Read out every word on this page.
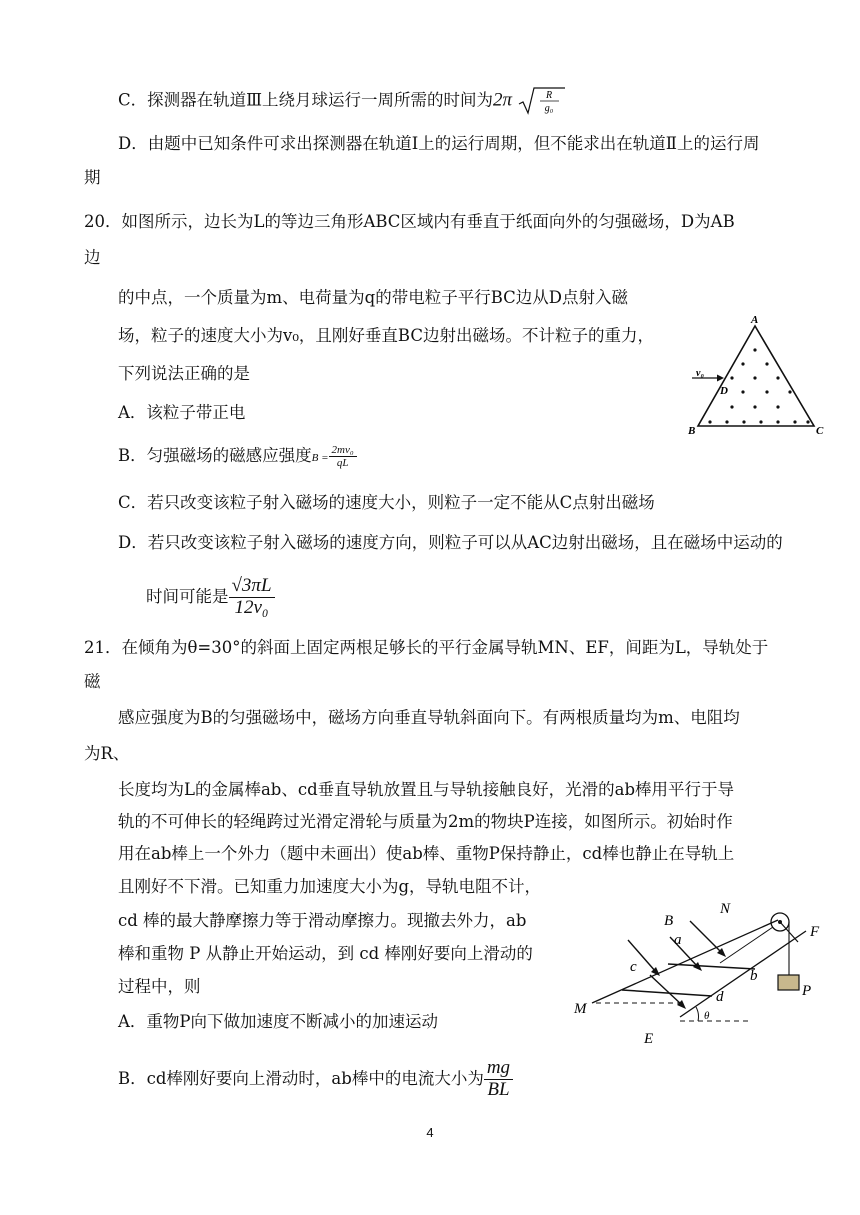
C．探测器在轨道Ⅲ上绕月球运行一周所需的时间为2π	R
g₀
D．由题中已知条件可求出探测器在轨道Ⅰ上的运行周期，但不能求出在轨道Ⅱ上的运行周
期
20．如图所示，边长为L的等边三角形ABC区域内有垂直于纸面向外的匀强磁场，D为AB
边
的中点，一个质量为m、电荷量为q的带电粒子平行BC边从D点射入磁
场，粒子的速度大小为v₀，且刚好垂直BC边射出磁场。不计粒子的重力，
下列说法正确的是
A．该粒子带正电
B．匀强磁场的磁感应强度$B = \frac{\text{2mv₀}}{qL}$
C．若只改变该粒子射入磁场的速度大小，则粒子一定不能从C点射出磁场
D．若只改变该粒子射入磁场的速度方向，则粒子可以从AC边射出磁场，且在磁场中运动的
时间可能是 $\frac{√3\pi L}{\text{12v₀}}$
A
B	C
D
v₀
21．在倾角为θ=30°的斜面上固定两根足够长的平行金属导轨MN、EF，间距为L，导轨处于
磁
感应强度为B的匀强磁场中，磁场方向垂直导轨斜面向下。有两根质量均为m、电阻均
为R、
长度均为L的金属棒ab、cd垂直导轨放置且与导轨接触良好，光滑的ab棒用平行于导
轨的不可伸长的轻绳跨过光滑定滑轮与质量为2m的物块P连接，如图所示。初始时作
用在ab棒上一个外力（题中未画出）使ab棒、重物P保持静止，cd棒也静止在导轨上
且刚好不下滑。已知重力加速度大小为g，导轨电阻不计，
cd 棒的最大静摩擦力等于滑动摩擦力。现撤去外力，ab
棒和重物 P 从静止开始运动，到 cd 棒刚好要向上滑动的
过程中，则
A．重物P向下做加速度不断减小的加速运动
B．cd棒刚好要向上滑动时，ab棒中的电流大小为 $\frac{mg}{BL}$
B
N
a	F
c
b
d	P
M	θ
E
4
